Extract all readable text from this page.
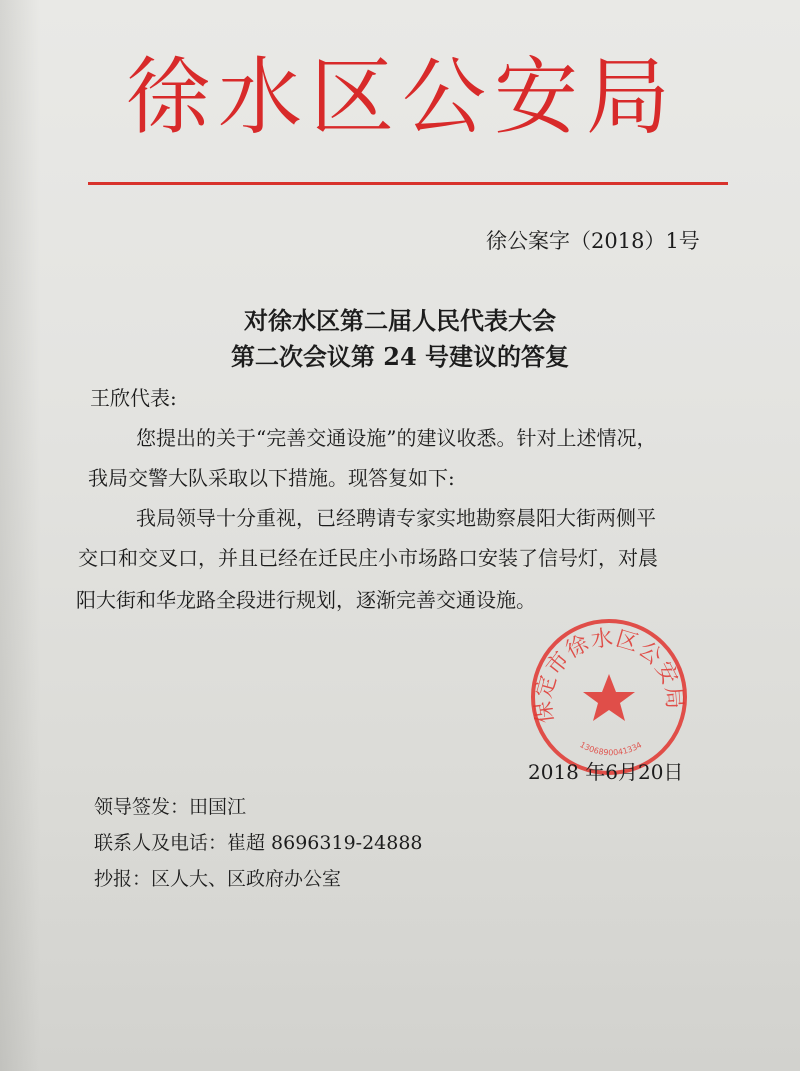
徐水区公安局
徐公案字（2018）1号
对徐水区第二届人民代表大会
第二次会议第 24 号建议的答复
王欣代表:
您提出的关于“完善交通设施”的建议收悉。针对上述情况，
我局交警大队采取以下措施。现答复如下:
我局领导十分重视，已经聘请专家实地勘察晨阳大街两侧平
交口和交叉口，并且已经在迁民庄小市场路口安装了信号灯，对晨
阳大街和华龙路全段进行规划，逐渐完善交通设施。
保定市徐水区公安局
1306890041334
2018 年6月20日
领导签发：田国江
联系人及电话：崔超 8696319-24888
抄报：区人大、区政府办公室
